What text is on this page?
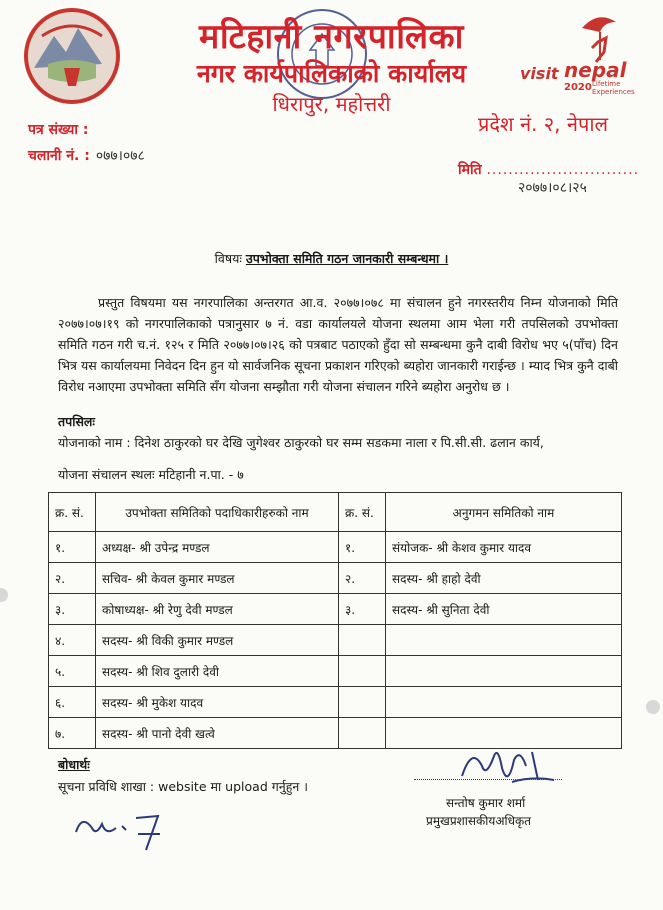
मटिहानी नगरपालिका
नगर कार्यपालिकाको कार्यालय
धिरापुर, महोत्तरी
visit nepal
2020 Lifetime Experiences
पत्र संख्या :
चलानी नं. : ०७७।०७८
प्रदेश नं. २, नेपाल
मिति ............................
२०७७।०८।२५
विषयः उपभोक्ता समिति गठन जानकारी सम्बन्धमा ।
प्रस्तुत विषयमा यस नगरपालिका अन्तरगत आ.व. २०७७।०७८ मा संचालन हुने नगरस्तरीय निम्न योजनाको मिति २०७७।०७।१९ को नगरपालिकाको पत्रानुसार ७ नं. वडा कार्यालयले योजना स्थलमा आम भेला गरी तपसिलको उपभोक्ता समिति गठन गरी च.नं. १२५ र मिति २०७७।०७।२६ को पत्रबाट पठाएको हुँदा सो सम्बन्धमा कुनै दाबी विरोध भए ५(पाँच) दिन भित्र यस कार्यालयमा निवेदन दिन हुन यो सार्वजनिक सूचना प्रकाशन गरिएको ब्यहोरा जानकारी गराईन्छ । म्याद भित्र कुनै दाबी विरोध नआएमा उपभोक्ता समिति सँग योजना सम्झौता गरी योजना संचालन गरिने ब्यहोरा अनुरोध छ ।
तपसिलः
योजनाको नाम : दिनेश ठाकुरको घर देखि जुगेश्वर ठाकुरको घर सम्म सडकमा नाला र पि.सी.सी. ढलान कार्य,
योजना संचालन स्थलः मटिहानी न.पा. - ७
क्र. सं.	उपभोक्ता समितिको पदाधिकारीहरुको नाम	क्र. सं.	अनुगमन समितिको नाम
१.	अध्यक्ष- श्री उपेन्द्र मण्डल	१.	संयोजक- श्री केशव कुमार यादव
२.	सचिव- श्री केवल कुमार मण्डल	२.	सदस्य- श्री हाहो देवी
३.	कोषाध्यक्ष- श्री रेणु देवी मण्डल	३.	सदस्य- श्री सुनिता देवी
४.	सदस्य- श्री विकी कुमार मण्डल		
५.	सदस्य- श्री शिव दुलारी देवी		
६.	सदस्य- श्री मुकेश यादव		
७.	सदस्य- श्री पानो देवी खत्वे		
बोधार्थः
सूचना प्रविधि शाखा : website मा upload गर्नुहुन ।
सन्तोष कुमार शर्मा
प्रमुखप्रशासकीयअधिकृत
